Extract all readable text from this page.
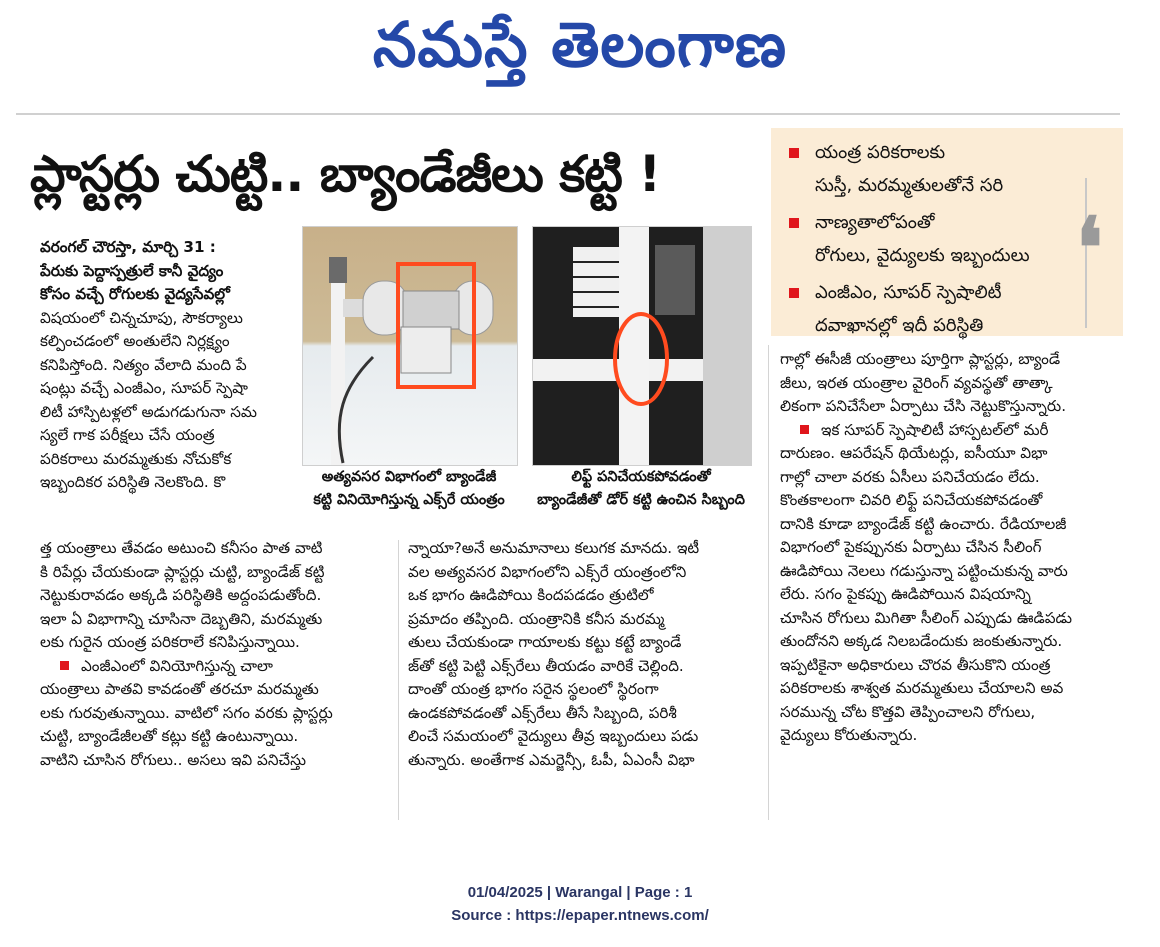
నమస్తే తెలంగాణ
ప్లాస్టర్లు చుట్టి.. బ్యాండేజీలు కట్టి !
❛
యంత్ర పరికరాలకు
సుస్తీ, మరమ్మతులతోనే సరి
నాణ్యతాలోపంతో
రోగులు, వైద్యులకు ఇబ్బందులు
ఎంజీఎం, సూపర్ స్పెషాలిటీ
దవాఖానల్లో ఇదీ పరిస్థితి
వరంగల్ చౌరస్తా, మార్చి 31 :
పేరుకు పెద్దాస్పత్రులే కానీ వైద్యం
కోసం వచ్చే రోగులకు వైద్యసేవల్లో
విషయంలో చిన్నచూపు, సౌకర్యాలు
కల్పించడంలో అంతులేని నిర్లక్ష్యం
కనిపిస్తోంది. నిత్యం వేలాది మంది పే
షంట్లు వచ్చే ఎంజీఎం, సూపర్ స్పెషా
లిటీ హాస్పిటళ్లలో అడుగడుగునా సమ
స్యలే గాక పరీక్షలు చేసే యంత్ర
పరికరాలు మరమ్మతుకు నోచుకోక
ఇబ్బందికర పరిస్థితి నెలకొంది. కొ	అత్యవసర విభాగంలో బ్యాండేజీ
కట్టి వినియోగిస్తున్న ఎక్స్‌రే యంత్రం
లిఫ్ట్ పనిచేయకపోవడంతో
బ్యాండేజీతో డోర్ కట్టి ఉంచిన సిబ్బంది
త్త యంత్రాలు తేవడం అటుంచి కనీసం పాత వాటి
కి రిపేర్లు చేయకుండా ప్లాస్టర్లు చుట్టి, బ్యాండేజ్ కట్టి
నెట్టుకురావడం అక్కడి పరిస్థితికి అద్దంపడుతోంది.
ఇలా ఏ విభాగాన్ని చూసినా దెబ్బతిని, మరమ్మతు
లకు గురైన యంత్ర పరికరాలే కనిపిస్తున్నాయి.
ఎంజీఎంలో వినియోగిస్తున్న చాలా
యంత్రాలు పాతవి కావడంతో తరచూ మరమ్మతు
లకు గురవుతున్నాయి. వాటిలో సగం వరకు ప్లాస్టర్లు
చుట్టి, బ్యాండేజీలతో కట్లు కట్టి ఉంటున్నాయి.
వాటిని చూసిన రోగులు.. అసలు ఇవి పనిచేస్తు
న్నాయా?అనే అనుమానాలు కలుగక మానదు. ఇటీ
వల అత్యవసర విభాగంలోని ఎక్స్‌రే యంత్రంలోని
ఒక భాగం ఊడిపోయి కిందపడడం త్రుటిలో
ప్రమాదం తప్పింది. యంత్రానికి కనీస మరమ్మ
తులు చేయకుండా గాయాలకు కట్టు కట్టే బ్యాండే
జ్‌తో కట్టి పెట్టి ఎక్స్‌రేలు తీయడం వారికే చెల్లింది.
దాంతో యంత్ర భాగం సరైన స్థలంలో స్థిరంగా
ఉండకపోవడంతో ఎక్స్‌రేలు తీసే సిబ్బంది, పరిశీ
లించే సమయంలో వైద్యులు తీవ్ర ఇబ్బందులు పడు
తున్నారు. అంతేగాక ఎమర్జెన్సీ, ఓపీ, ఏఎంసీ విభా
గాల్లో ఈసీజీ యంత్రాలు పూర్తిగా ప్లాస్టర్లు, బ్యాండే
జీలు, ఇరత యంత్రాల వైరింగ్ వ్యవస్థతో తాత్కా
లికంగా పనిచేసేలా ఏర్పాటు చేసి నెట్టుకొస్తున్నారు.
ఇక సూపర్ స్పెషాలిటీ హాస్పటల్‌లో మరీ
దారుణం. ఆపరేషన్ థియేటర్లు, ఐసీయూ విభా
గాల్లో చాలా వరకు ఏసీలు పనిచేయడం లేదు.
కొంతకాలంగా చివరి లిఫ్ట్ పనిచేయకపోవడంతో
దానికి కూడా బ్యాండేజ్ కట్టి ఉంచారు. రేడియాలజీ
విభాగంలో పైకప్పునకు ఏర్పాటు చేసిన సీలింగ్
ఊడిపోయి నెలలు గడుస్తున్నా పట్టించుకున్న వారు
లేరు. సగం పైకప్పు ఊడిపోయిన విషయాన్ని
చూసిన రోగులు మిగితా సీలింగ్ ఎప్పుడు ఊడిపడు
తుందోనని అక్కడ నిలబడేందుకు జంకుతున్నారు.
ఇప్పటికైనా అధికారులు చొరవ తీసుకొని యంత్ర
పరికరాలకు శాశ్వత మరమ్మతులు చేయాలని అవ
సరమున్న చోట కొత్తవి తెప్పించాలని రోగులు,
వైద్యులు కోరుతున్నారు.
01/04/2025 | Warangal | Page : 1
Source : https://epaper.ntnews.com/
